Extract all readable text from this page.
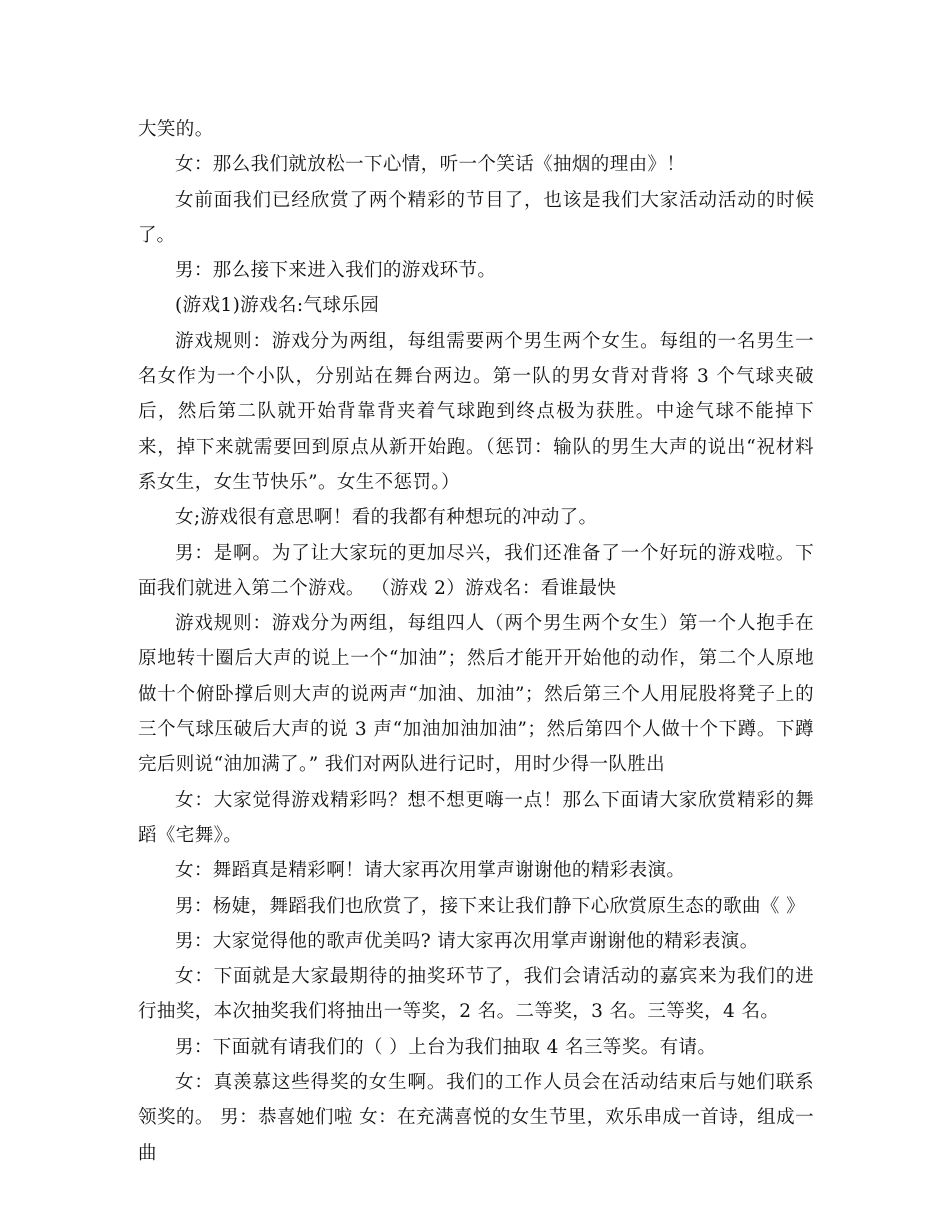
大笑的。

女：那么我们就放松一下心情，听一个笑话《抽烟的理由》！

女前面我们已经欣赏了两个精彩的节目了，也该是我们大家活动活动的时候了。

男：那么接下来进入我们的游戏环节。

(游戏1)游戏名:气球乐园

游戏规则：游戏分为两组，每组需要两个男生两个女生。每组的一名男生一名女作为一个小队，分别站在舞台两边。第一队的男女背对背将 3 个气球夹破后，然后第二队就开始背靠背夹着气球跑到终点极为获胜。中途气球不能掉下来，掉下来就需要回到原点从新开始跑。（惩罚：输队的男生大声的说出“祝材料系女生，女生节快乐”。女生不惩罚。）

女;游戏很有意思啊！看的我都有种想玩的冲动了。

男：是啊。为了让大家玩的更加尽兴，我们还准备了一个好玩的游戏啦。下面我们就进入第二个游戏。 （游戏 2）游戏名：看谁最快

游戏规则：游戏分为两组，每组四人（两个男生两个女生）第一个人抱手在原地转十圈后大声的说上一个“加油”；然后才能开开始他的动作，第二个人原地做十个俯卧撑后则大声的说两声“加油、加油”；然后第三个人用屁股将凳子上的三个气球压破后大声的说 3 声“加油加油加油”；然后第四个人做十个下蹲。下蹲完后则说“油加满了。” 我们对两队进行记时，用时少得一队胜出

女：大家觉得游戏精彩吗？想不想更嗨一点！那么下面请大家欣赏精彩的舞蹈《宅舞》。

女：舞蹈真是精彩啊！请大家再次用掌声谢谢他的精彩表演。

男：杨婕，舞蹈我们也欣赏了，接下来让我们静下心欣赏原生态的歌曲《 》

男：大家觉得他的歌声优美吗? 请大家再次用掌声谢谢他的精彩表演。

女：下面就是大家最期待的抽奖环节了，我们会请活动的嘉宾来为我们的进行抽奖，本次抽奖我们将抽出一等奖，2 名。二等奖，3 名。三等奖，4 名。

男：下面就有请我们的（ ）上台为我们抽取 4 名三等奖。有请。

女：真羡慕这些得奖的女生啊。我们的工作人员会在活动结束后与她们联系领奖的。 男：恭喜她们啦 女：在充满喜悦的女生节里，欢乐串成一首诗，组成一曲
